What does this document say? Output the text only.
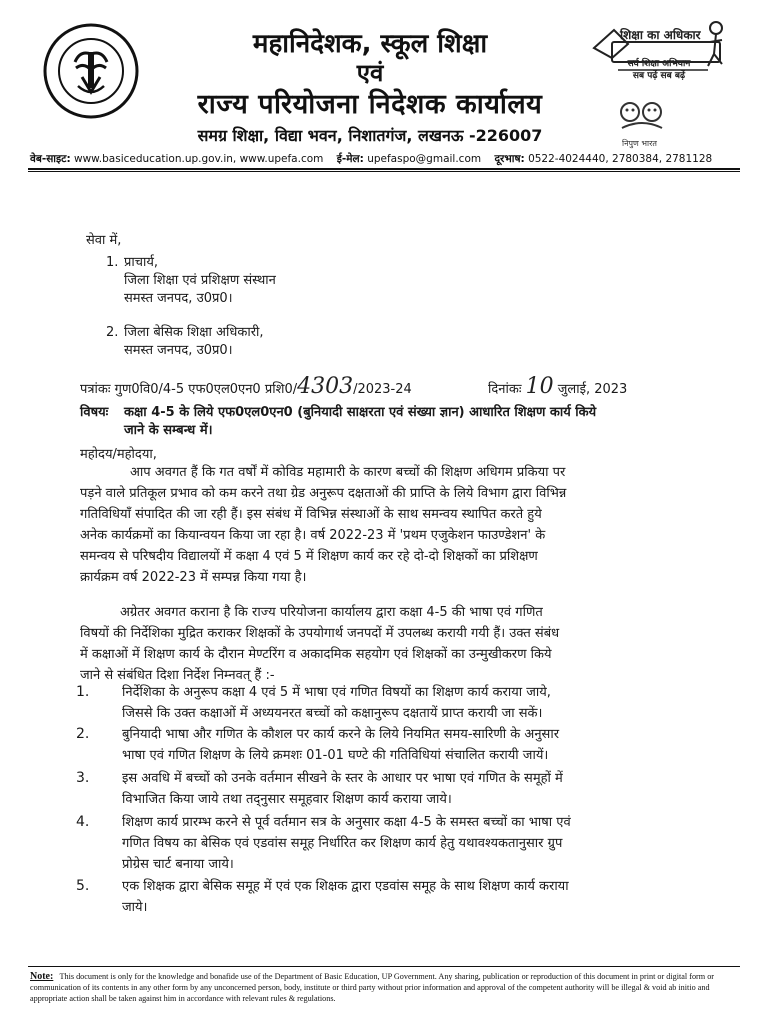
महानिदेशक, स्कूल शिक्षा
एवं
राज्य परियोजना निदेशक कार्यालय
समग्र शिक्षा, विद्या भवन, निशातगंज, लखनऊ -226007
शिक्षा का अधिकार
सर्व शिक्षा अभियान
सब पढ़ें सब बढ़ें
निपुण भारत
वेब-साइट: www.basiceducation.up.gov.in, www.upefa.com ई-मेल: upefaspo@gmail.com दूरभाष: 0522-4024440, 2780384, 2781128
सेवा में,
1. प्राचार्य,
जिला शिक्षा एवं प्रशिक्षण संस्थान
समस्त जनपद, उ0प्र0।
2. जिला बेसिक शिक्षा अधिकारी,
समस्त जनपद, उ0प्र0।
पत्रांकः गुण0वि0/4-5 एफ0एल0एन0 प्रशि0/4303/2023-24	दिनांकः 10 जुलाई, 2023
विषयः कक्षा 4-5 के लिये एफ0एल0एन0 (बुनियादी साक्षरता एवं संख्या ज्ञान) आधारित शिक्षण कार्य किये
जाने के सम्बन्ध में।
महोदय/महोदया,
आप अवगत हैं कि गत वर्षों में कोविड महामारी के कारण बच्चों की शिक्षण अधिगम प्रकिया पर
पड़ने वाले प्रतिकूल प्रभाव को कम करने तथा ग्रेड अनुरूप दक्षताओं की प्राप्ति के लिये विभाग द्वारा विभिन्न
गतिविधियाँ संपादित की जा रही हैं। इस संबंध में विभिन्न संस्थाओं के साथ समन्वय स्थापित करते हुये
अनेक कार्यक्रमों का कियान्वयन किया जा रहा है। वर्ष 2022-23 में 'प्रथम एजुकेशन फाउण्डेशन' के
समन्वय से परिषदीय विद्यालयों में कक्षा 4 एवं 5 में शिक्षण कार्य कर रहे दो-दो शिक्षकों का प्रशिक्षण
क्रार्यक्रम वर्ष 2022-23 में सम्पन्न किया गया है।
अग्रेतर अवगत कराना है कि राज्य परियोजना कार्यालय द्वारा कक्षा 4-5 की भाषा एवं गणित
विषयों की निर्देशिका मुद्रित कराकर शिक्षकों के उपयोगार्थ जनपदों में उपलब्ध करायी गयी हैं। उक्त संबंध
में कक्षाओं में शिक्षण कार्य के दौरान मेण्टरिंग व अकादमिक सहयोग एवं शिक्षकों का उन्मुखीकरण किये
जाने से संबंधित दिशा निर्देश निम्नवत् हैं :-
1.	निर्देशिका के अनुरूप कक्षा 4 एवं 5 में भाषा एवं गणित विषयों का शिक्षण कार्य कराया जाये,
जिससे कि उक्त कक्षाओं में अध्ययनरत बच्चों को कक्षानुरूप दक्षतायें प्राप्त करायी जा सकें।
2.	बुनियादी भाषा और गणित के कौशल पर कार्य करने के लिये नियमित समय-सारिणी के अनुसार
भाषा एवं गणित शिक्षण के लिये क्रमशः 01-01 घण्टे की गतिविधियां संचालित करायी जायें।
3.	इस अवधि में बच्चों को उनके वर्तमान सीखने के स्तर के आधार पर भाषा एवं गणित के समूहों में
विभाजित किया जाये तथा तद्नुसार समूहवार शिक्षण कार्य कराया जाये।
4.	शिक्षण कार्य प्रारम्भ करने से पूर्व वर्तमान सत्र के अनुसार कक्षा 4-5 के समस्त बच्चों का भाषा एवं
गणित विषय का बेसिक एवं एडवांस समूह निर्धारित कर शिक्षण कार्य हेतु यथावश्यकतानुसार ग्रुप
प्रोग्रेस चार्ट बनाया जाये।
5.	एक शिक्षक द्वारा बेसिक समूह में एवं एक शिक्षक द्वारा एडवांस समूह के साथ शिक्षण कार्य कराया
जाये।
Note: This document is only for the knowledge and bonafide use of the Department of Basic Education, UP Government. Any sharing, publication or reproduction of this document in print or digital form or communication of its contents in any other form by any unconcerned person, body, institute or third party without prior information and approval of the competent authority will be illegal & void ab initio and appropriate action shall be taken against him in accordance with relevant rules & regulations.
